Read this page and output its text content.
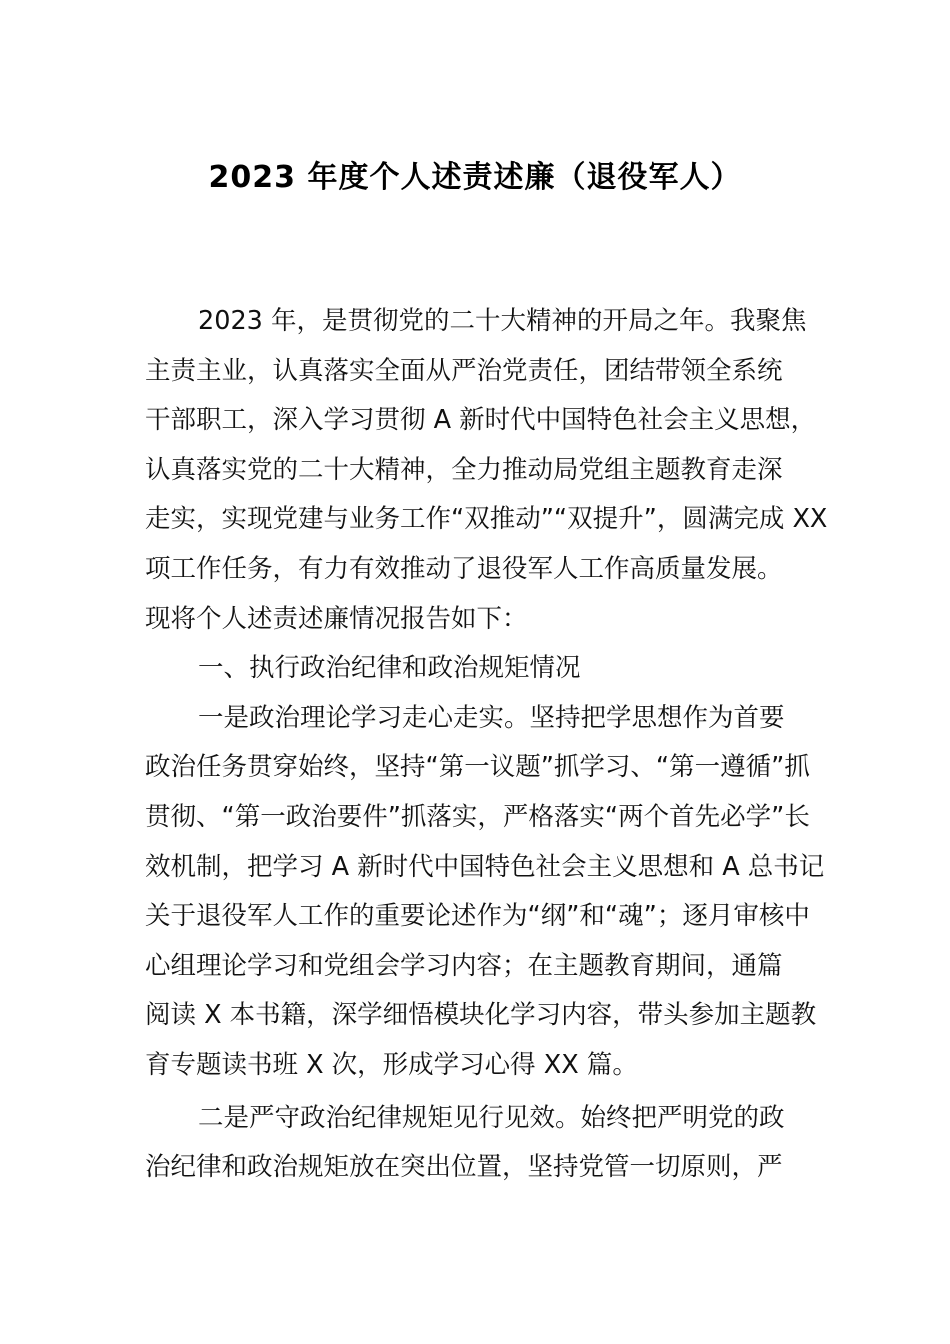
2023 年度个人述责述廉（退役军人）
2023 年，是贯彻党的二十大精神的开局之年。我聚焦
主责主业，认真落实全面从严治党责任，团结带领全系统
干部职工，深入学习贯彻 A 新时代中国特色社会主义思想，
认真落实党的二十大精神，全力推动局党组主题教育走深
走实，实现党建与业务工作“双推动”“双提升”，圆满完成 XX
项工作任务，有力有效推动了退役军人工作高质量发展。
现将个人述责述廉情况报告如下：
一、执行政治纪律和政治规矩情况
一是政治理论学习走心走实。坚持把学思想作为首要
政治任务贯穿始终，坚持“第一议题”抓学习、“第一遵循”抓
贯彻、“第一政治要件”抓落实，严格落实“两个首先必学”长
效机制，把学习 A 新时代中国特色社会主义思想和 A 总书记
关于退役军人工作的重要论述作为“纲”和“魂”；逐月审核中
心组理论学习和党组会学习内容；在主题教育期间，通篇
阅读 X 本书籍，深学细悟模块化学习内容，带头参加主题教
育专题读书班 X 次，形成学习心得 XX 篇。
二是严守政治纪律规矩见行见效。始终把严明党的政
治纪律和政治规矩放在突出位置，坚持党管一切原则，严
